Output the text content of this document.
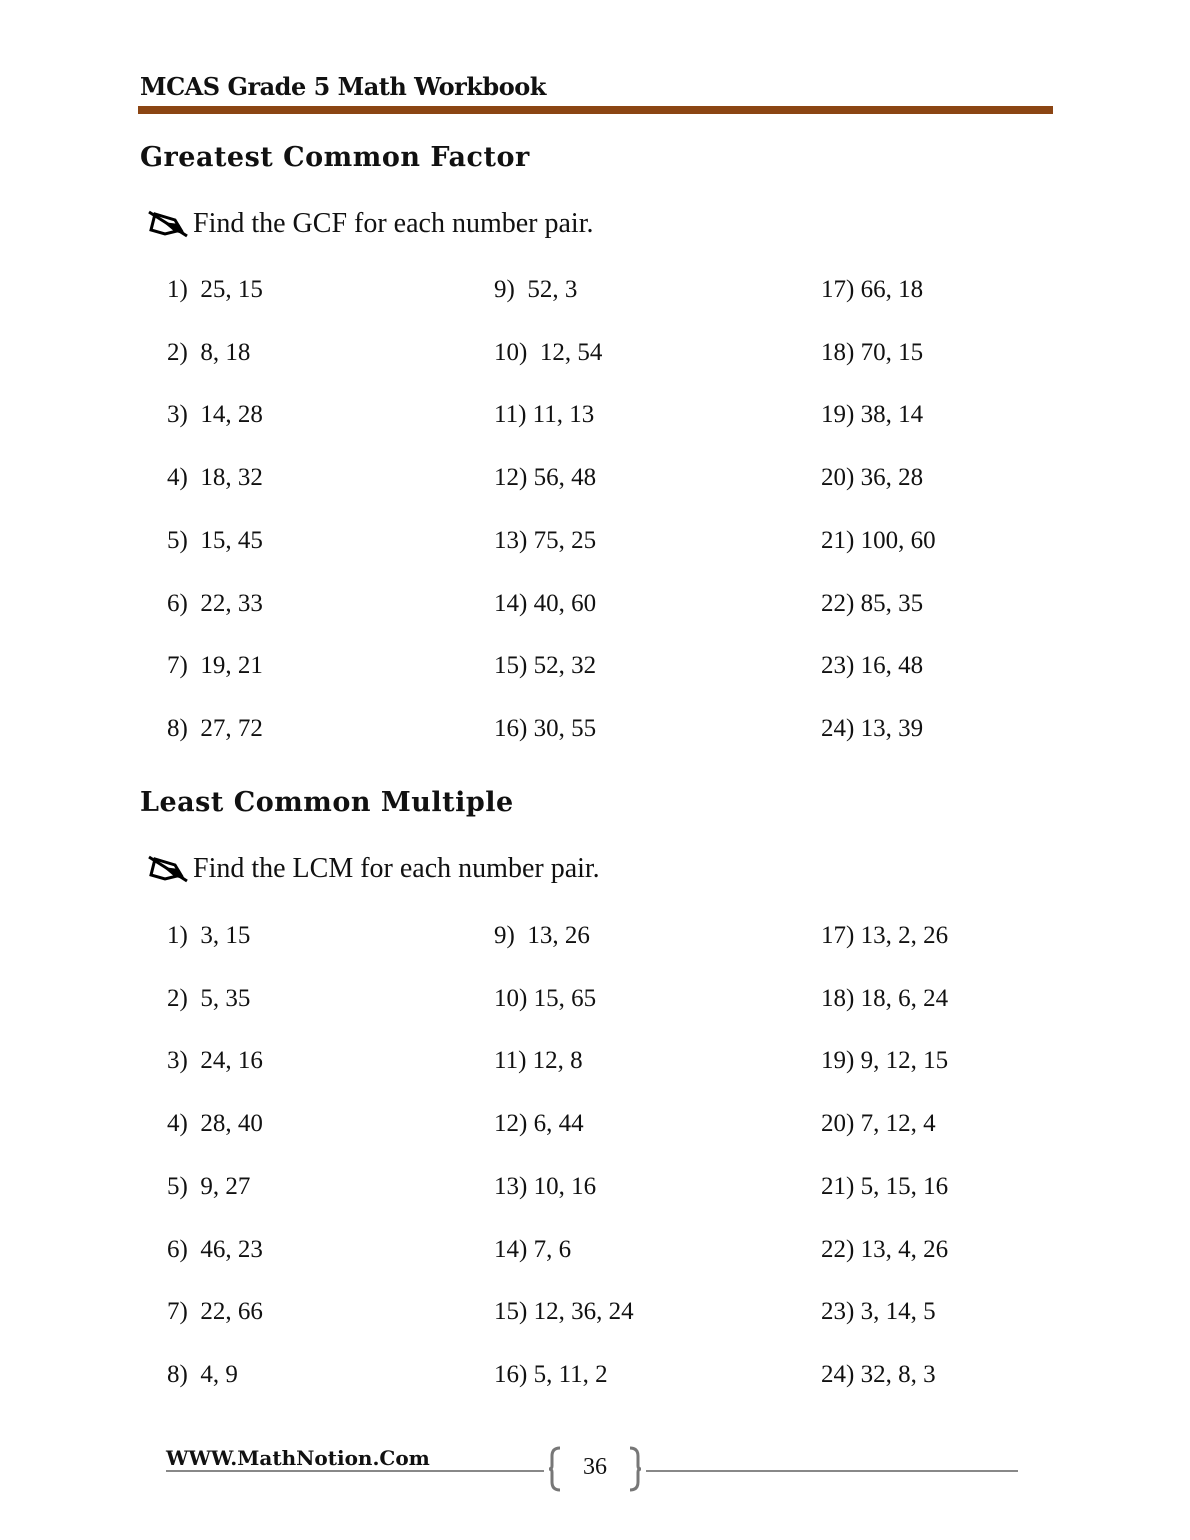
MCAS Grade 5 Math Workbook
Greatest Common Factor
Find the GCF for each number pair.
1)  25, 15
2)  8, 18
3)  14, 28
4)  18, 32
5)  15, 45
6)  22, 33
7)  19, 21
8)  27, 72
9)  52, 3
10)  12, 54
11) 11, 13
12) 56, 48
13) 75, 25
14) 40, 60
15) 52, 32
16) 30, 55
17) 66, 18
18) 70, 15
19) 38, 14
20) 36, 28
21) 100, 60
22) 85, 35
23) 16, 48
24) 13, 39
Least Common Multiple
Find the LCM for each number pair.
1)  3, 15
2)  5, 35
3)  24, 16
4)  28, 40
5)  9, 27
6)  46, 23
7)  22, 66
8)  4, 9
9)  13, 26
10) 15, 65
11) 12, 8
12) 6, 44
13) 10, 16
14) 7, 6
15) 12, 36, 24
16) 5, 11, 2
17) 13, 2, 26
18) 18, 6, 24
19) 9, 12, 15
20) 7, 12, 4
21) 5, 15, 16
22) 13, 4, 26
23) 3, 14, 5
24) 32, 8, 3
WWW.MathNotion.Com	36
